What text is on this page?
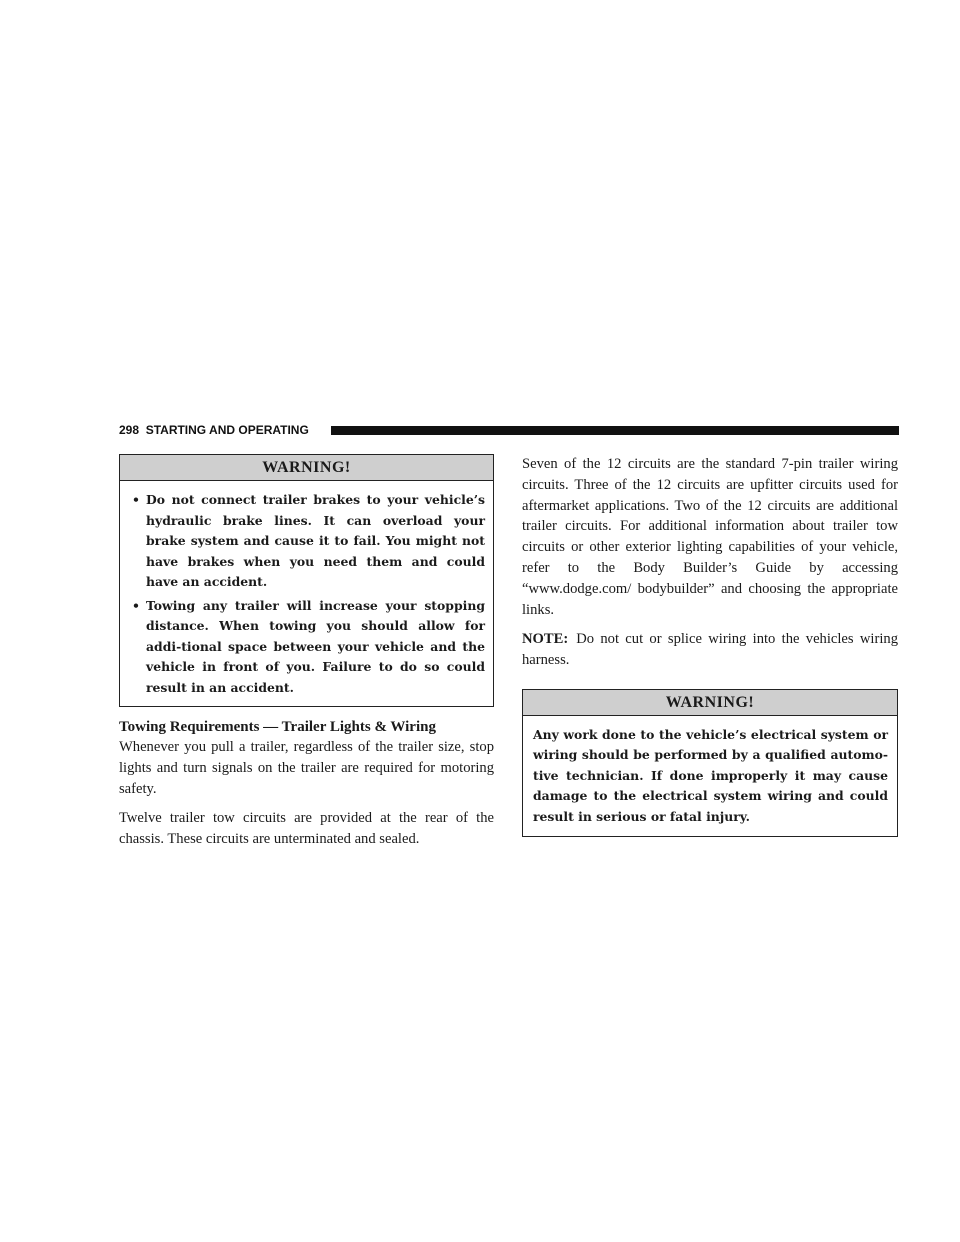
298 STARTING AND OPERATING
WARNING!
• Do not connect trailer brakes to your vehicle’s hydraulic brake lines. It can overload your brake system and cause it to fail. You might not have brakes when you need them and could have an accident.
• Towing any trailer will increase your stopping distance. When towing you should allow for addi-tional space between your vehicle and the vehicle in front of you. Failure to do so could result in an accident.
Towing Requirements — Trailer Lights & Wiring

Whenever you pull a trailer, regardless of the trailer size, stop lights and turn signals on the trailer are required for motoring safety.

Twelve trailer tow circuits are provided at the rear of the chassis. These circuits are unterminated and sealed.

Seven of the 12 circuits are the standard 7-pin trailer wiring circuits. Three of the 12 circuits are upfitter circuits used for aftermarket applications. Two of the 12 circuits are additional trailer circuits. For additional information about trailer tow circuits or other exterior lighting capabilities of your vehicle, refer to the Body Builder’s Guide by accessing “www.dodge.com/ bodybuilder” and choosing the appropriate links.

NOTE: Do not cut or splice wiring into the vehicles wiring harness.

WARNING!
Any work done to the vehicle’s electrical system or wiring should be performed by a qualified automo-tive technician. If done improperly it may cause damage to the electrical system wiring and could result in serious or fatal injury.
